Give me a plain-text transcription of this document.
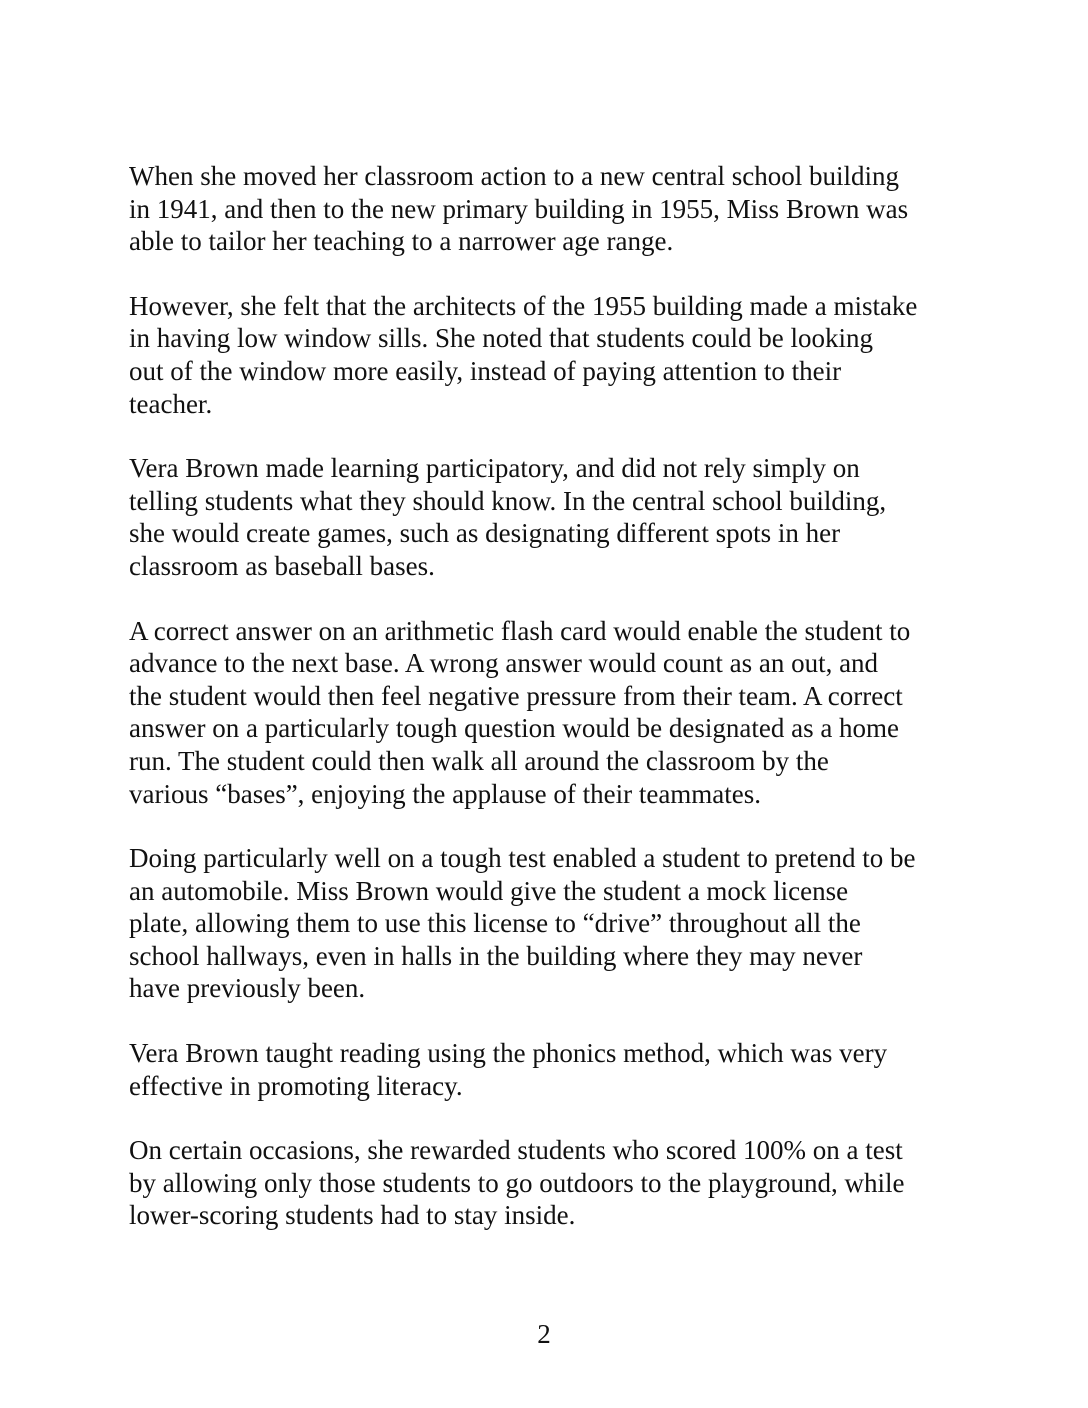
When she moved her classroom action to a new central school building
in 1941, and then to the new primary building in 1955, Miss Brown was
able to tailor her teaching to a narrower age range.
However, she felt that the architects of the 1955 building made a mistake
in having low window sills. She noted that students could be looking
out of the window more easily, instead of paying attention to their
teacher.
Vera Brown made learning participatory, and did not rely simply on
telling students what they should know. In the central school building,
she would create games, such as designating different spots in her
classroom as baseball bases.
A correct answer on an arithmetic flash card would enable the student to
advance to the next base. A wrong answer would count as an out, and
the student would then feel negative pressure from their team. A correct
answer on a particularly tough question would be designated as a home
run. The student could then walk all around the classroom by the
various “bases”, enjoying the applause of their teammates.
Doing particularly well on a tough test enabled a student to pretend to be
an automobile. Miss Brown would give the student a mock license
plate, allowing them to use this license to “drive” throughout all the
school hallways, even in halls in the building where they may never
have previously been.
Vera Brown taught reading using the phonics method, which was very
effective in promoting literacy.
On certain occasions, she rewarded students who scored 100% on a test
by allowing only those students to go outdoors to the playground, while
lower-scoring students had to stay inside.
2
